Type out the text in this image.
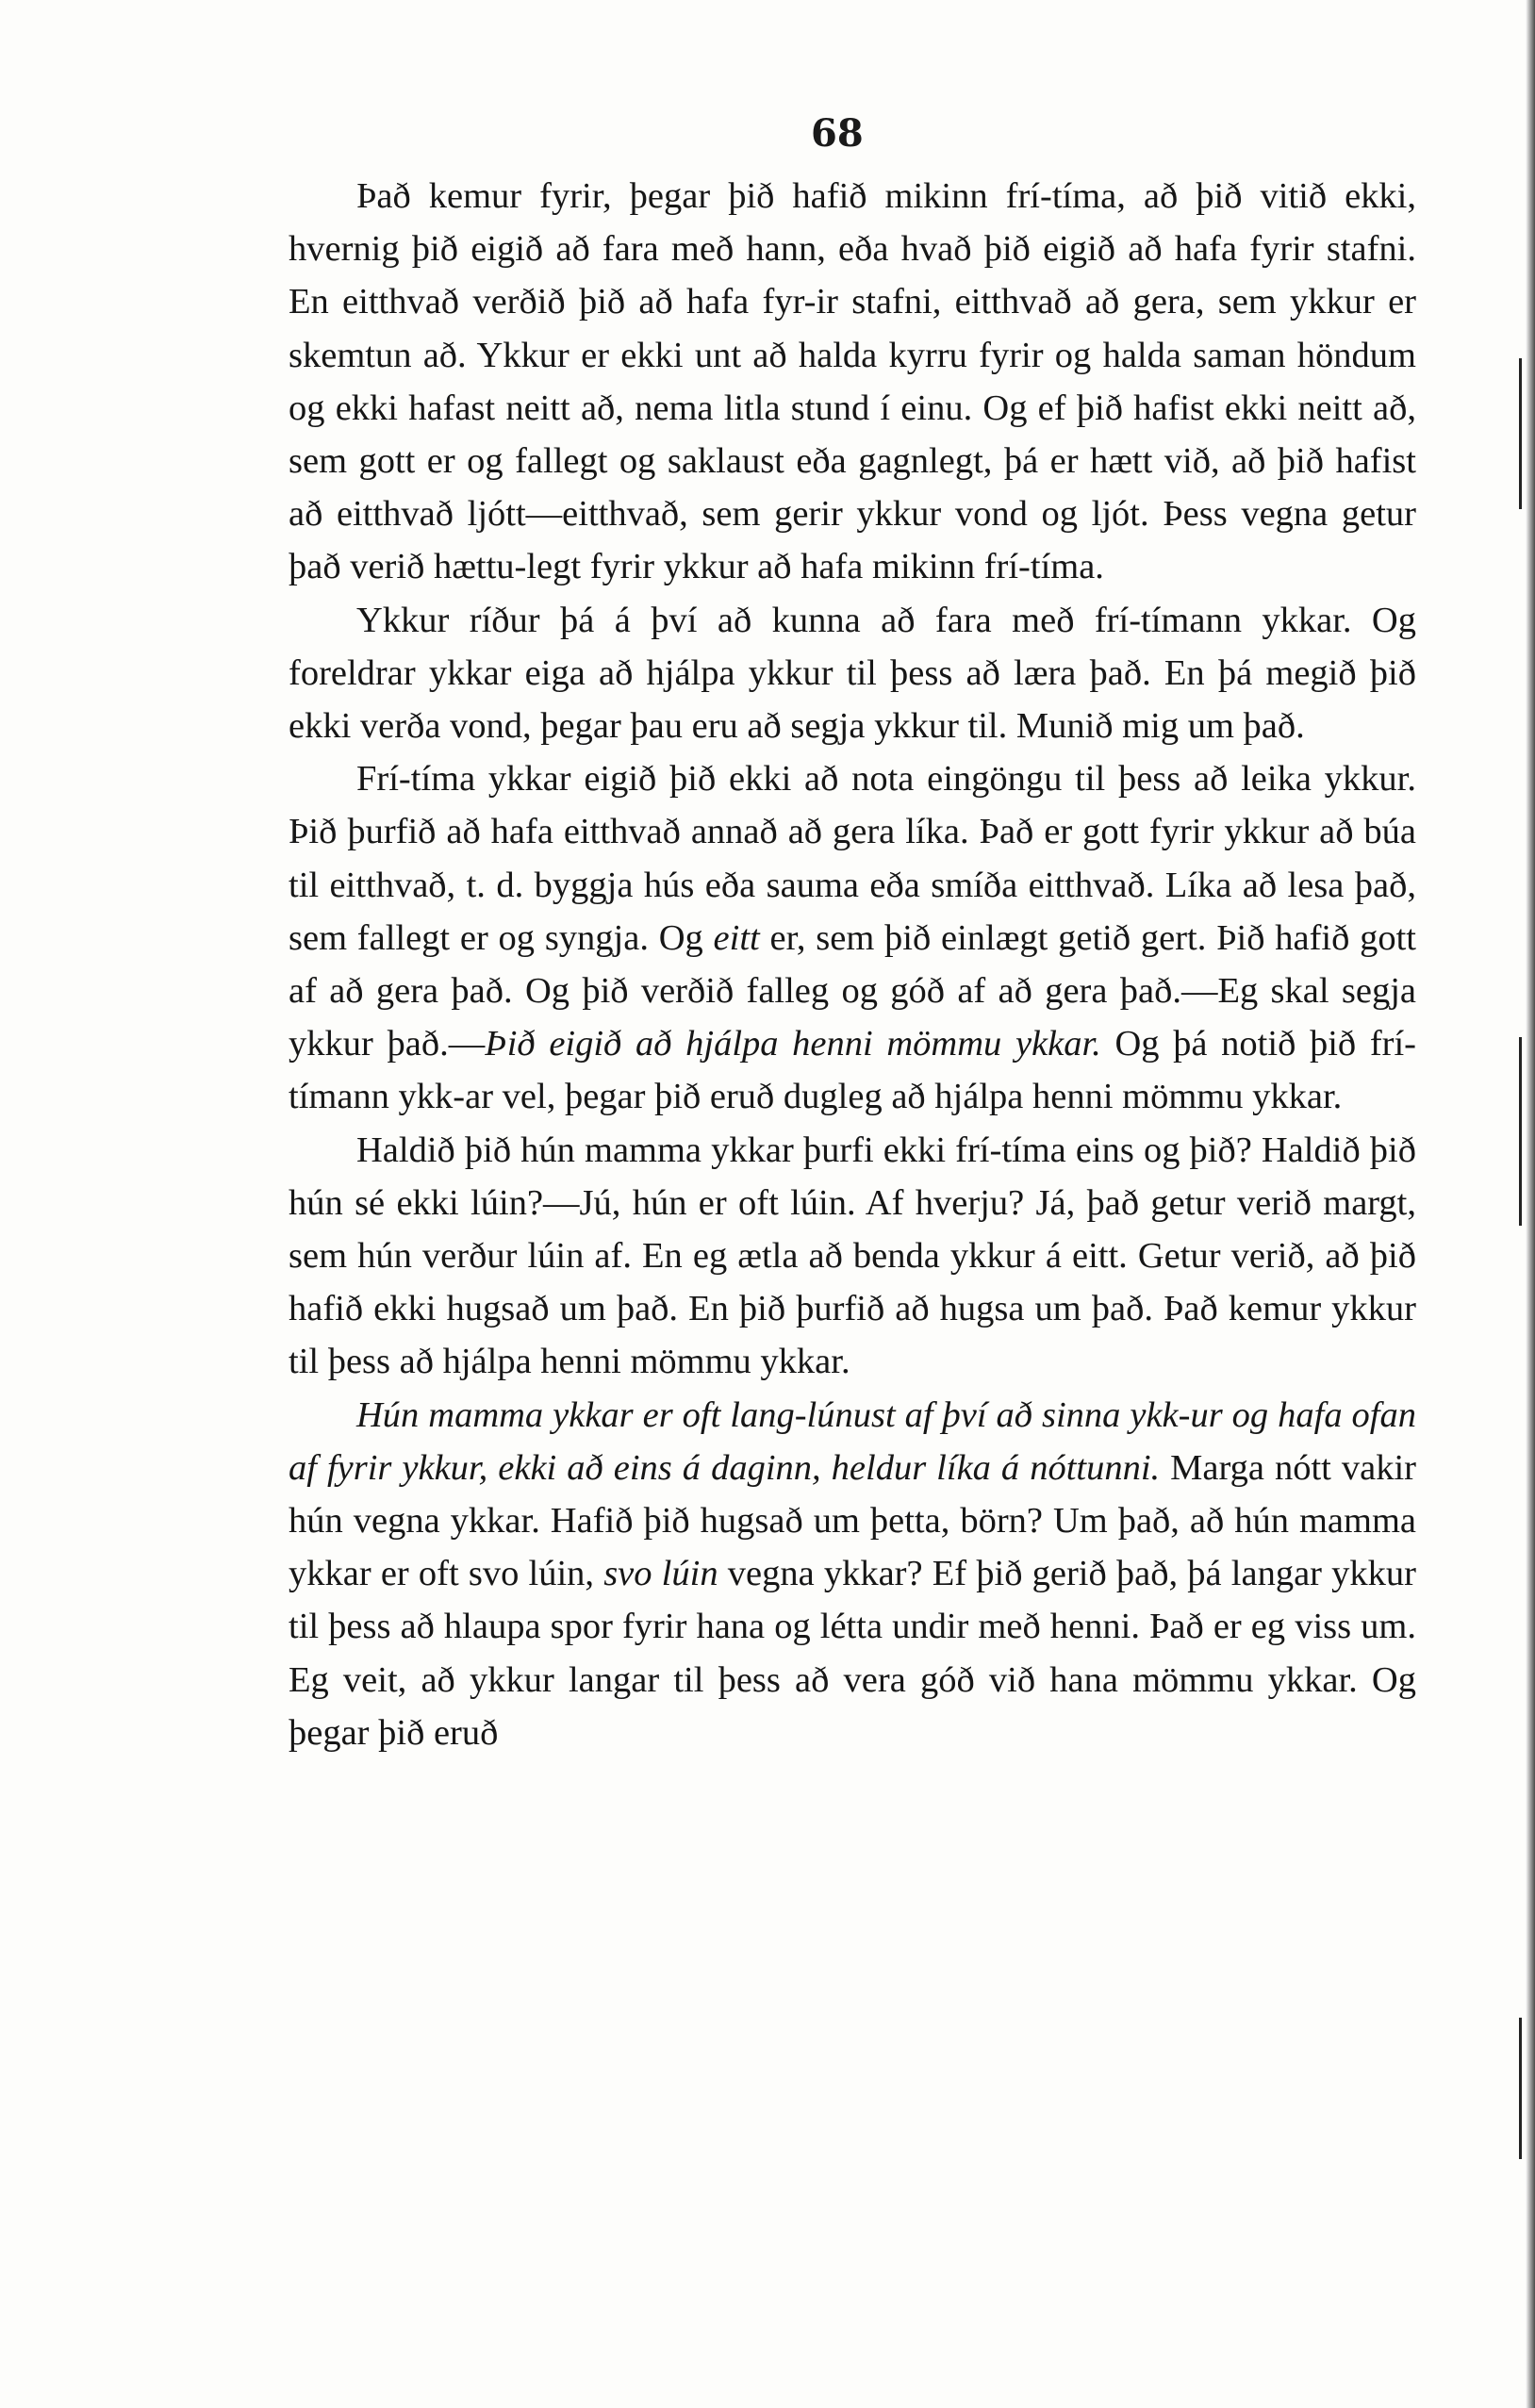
68

Það kemur fyrir, þegar þið hafið mikinn frí-tíma, að þið vitið ekki, hvernig þið eigið að fara með hann, eða hvað þið eigið að hafa fyrir stafni. En eitthvað verðið þið að hafa fyr-ir stafni, eitthvað að gera, sem ykkur er skemtun að. Ykkur er ekki unt að halda kyrru fyrir og halda saman höndum og ekki hafast neitt að, nema litla stund í einu. Og ef þið hafist ekki neitt að, sem gott er og fallegt og saklaust eða gagnlegt, þá er hætt við, að þið hafist að eitthvað ljótt—eitthvað, sem gerir ykkur vond og ljót. Þess vegna getur það verið hættu-legt fyrir ykkur að hafa mikinn frí-tíma.

Ykkur ríður þá á því að kunna að fara með frí-tímann ykkar. Og foreldrar ykkar eiga að hjálpa ykkur til þess að læra það. En þá megið þið ekki verða vond, þegar þau eru að segja ykkur til. Munið mig um það.

Frí-tíma ykkar eigið þið ekki að nota eingöngu til þess að leika ykkur. Þið þurfið að hafa eitthvað annað að gera líka. Það er gott fyrir ykkur að búa til eitthvað, t. d. byggja hús eða sauma eða smíða eitthvað. Líka að lesa það, sem fallegt er og syngja. Og eitt er, sem þið einlægt getið gert. Þið hafið gott af að gera það. Og þið verðið falleg og góð af að gera það.—Eg skal segja ykkur það.—Þið eigið að hjálpa henni mömmu ykkar. Og þá notið þið frí-tímann ykk-ar vel, þegar þið eruð dugleg að hjálpa henni mömmu ykkar.

Haldið þið hún mamma ykkar þurfi ekki frí-tíma eins og þið? Haldið þið hún sé ekki lúin?—Jú, hún er oft lúin. Af hverju? Já, það getur verið margt, sem hún verður lúin af. En eg ætla að benda ykkur á eitt. Getur verið, að þið hafið ekki hugsað um það. En þið þurfið að hugsa um það. Það kemur ykkur til þess að hjálpa henni mömmu ykkar.

Hún mamma ykkar er oft lang-lúnust af því að sinna ykk-ur og hafa ofan af fyrir ykkur, ekki að eins á daginn, heldur líka á nóttunni. Marga nótt vakir hún vegna ykkar. Hafið þið hugsað um þetta, börn? Um það, að hún mamma ykkar er oft svo lúin, svo lúin vegna ykkar? Ef þið gerið það, þá langar ykkur til þess að hlaupa spor fyrir hana og létta undir með henni. Það er eg viss um. Eg veit, að ykkur langar til þess að vera góð við hana mömmu ykkar. Og þegar þið eruð
